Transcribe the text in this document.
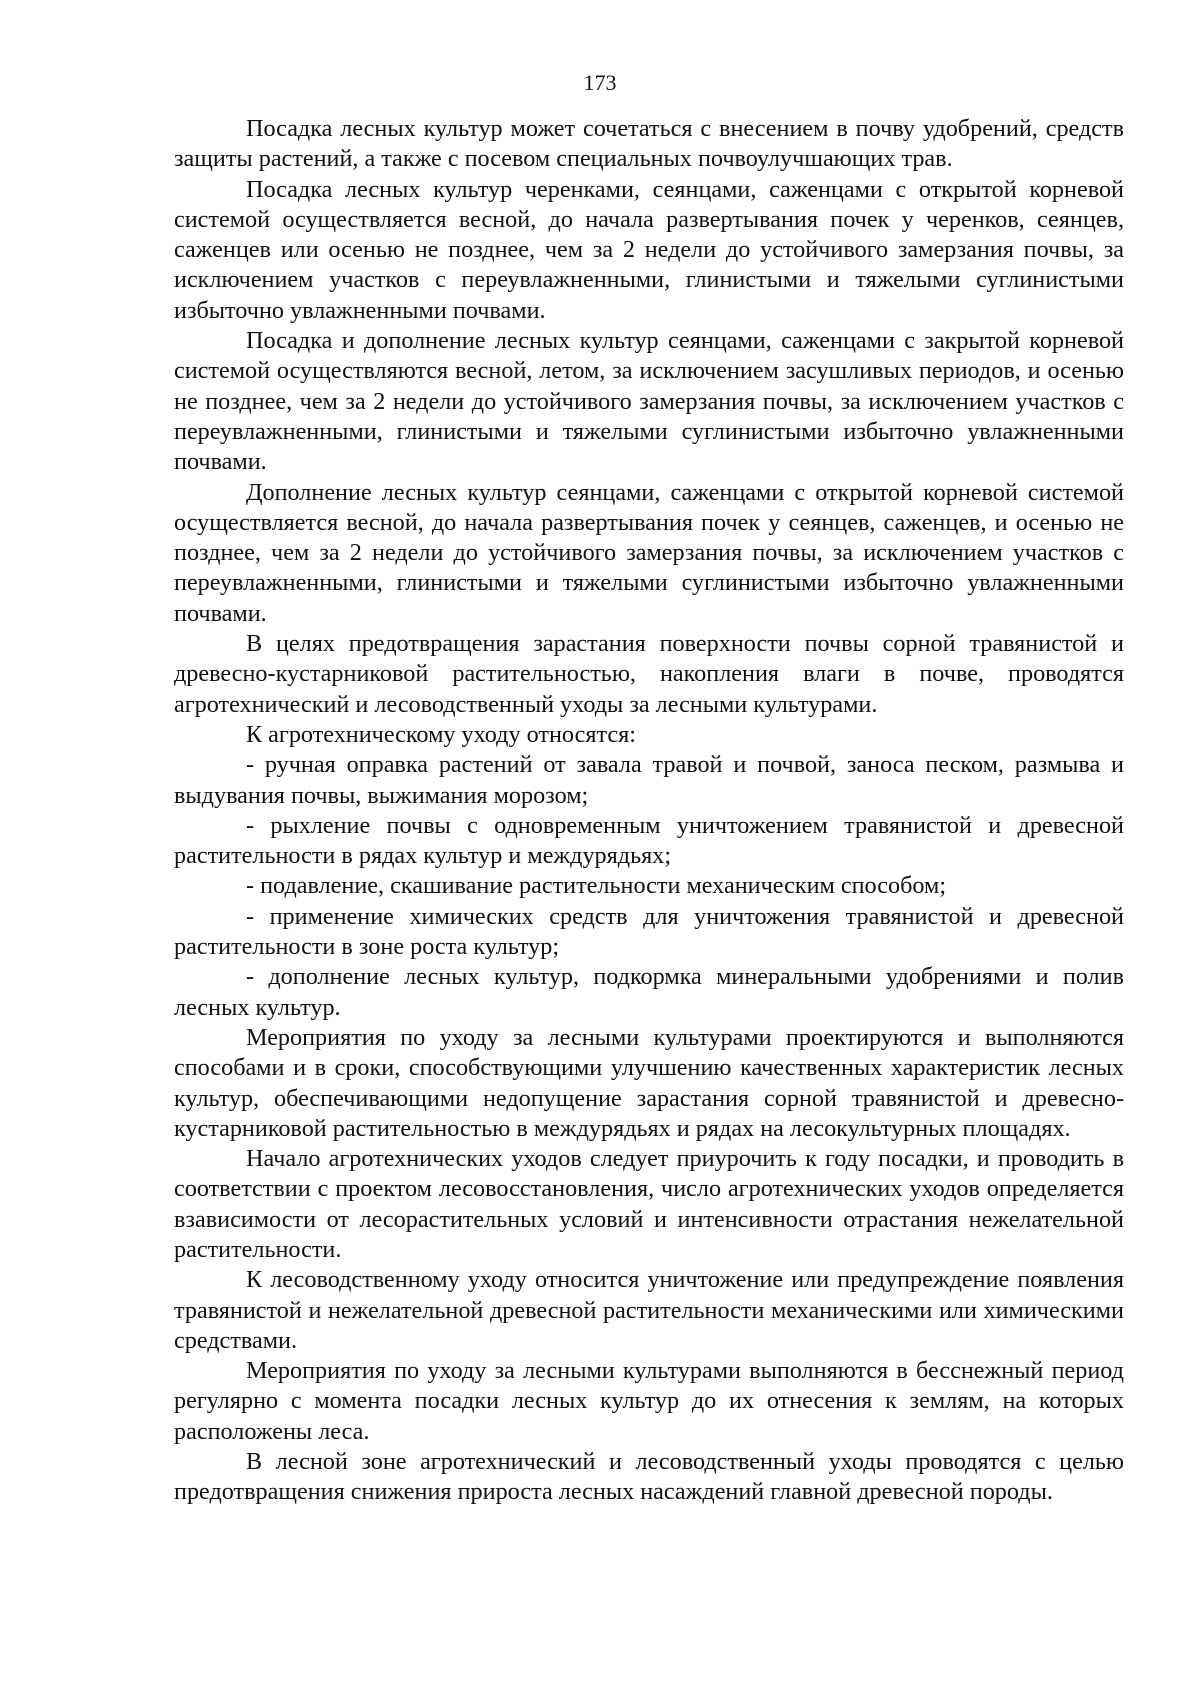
173

Посадка лесных культур может сочетаться с внесением в почву удобрений, средств защиты растений, а также с посевом специальных почвоулучшающих трав.

Посадка лесных культур черенками, сеянцами, саженцами с открытой корневой системой осуществляется весной, до начала развертывания почек у черенков, сеянцев, саженцев или осенью не позднее, чем за 2 недели до устойчивого замерзания почвы, за исключением участков с переувлажненными, глинистыми и тяжелыми суглинистыми избыточно увлажненными почвами.

Посадка и дополнение лесных культур сеянцами, саженцами с закрытой корневой системой осуществляются весной, летом, за исключением засушливых периодов, и осенью не позднее, чем за 2 недели до устойчивого замерзания почвы, за исключением участков с переувлажненными, глинистыми и тяжелыми суглинистыми избыточно увлажненными почвами.

Дополнение лесных культур сеянцами, саженцами с открытой корневой системой осуществляется весной, до начала развертывания почек у сеянцев, саженцев, и осенью не позднее, чем за 2 недели до устойчивого замерзания почвы, за исключением участков с переувлажненными, глинистыми и тяжелыми суглинистыми избыточно увлажненными почвами.

В целях предотвращения зарастания поверхности почвы сорной травянистой и древесно-кустарниковой растительностью, накопления влаги в почве, проводятся агротехнический и лесоводственный уходы за лесными культурами.

К агротехническому уходу относятся:

- ручная оправка растений от завала травой и почвой, заноса песком, размыва и выдувания почвы, выжимания морозом;

- рыхление почвы с одновременным уничтожением травянистой и древесной растительности в рядах культур и междурядьях;

- подавление, скашивание растительности механическим способом;

- применение химических средств для уничтожения травянистой и древесной растительности в зоне роста культур;

- дополнение лесных культур, подкормка минеральными удобрениями и полив лесных культур.

Мероприятия по уходу за лесными культурами проектируются и выполняются способами и в сроки, способствующими улучшению качественных характеристик лесных культур, обеспечивающими недопущение зарастания сорной травянистой и древесно-кустарниковой растительностью в междурядьях и рядах на лесокультурных площадях.

Начало агротехнических уходов следует приурочить к году посадки, и проводить в соответствии с проектом лесовосстановления, число агротехнических уходов определяется взависимости от лесорастительных условий и интенсивности отрастания нежелательной растительности.

К лесоводственному уходу относится уничтожение или предупреждение появления травянистой и нежелательной древесной растительности механическими или химическими средствами.

Мероприятия по уходу за лесными культурами выполняются в бесснежный период регулярно с момента посадки лесных культур до их отнесения к землям, на которых расположены леса.

В лесной зоне агротехнический и лесоводственный уходы проводятся с целью предотвращения снижения прироста лесных насаждений главной древесной породы.
